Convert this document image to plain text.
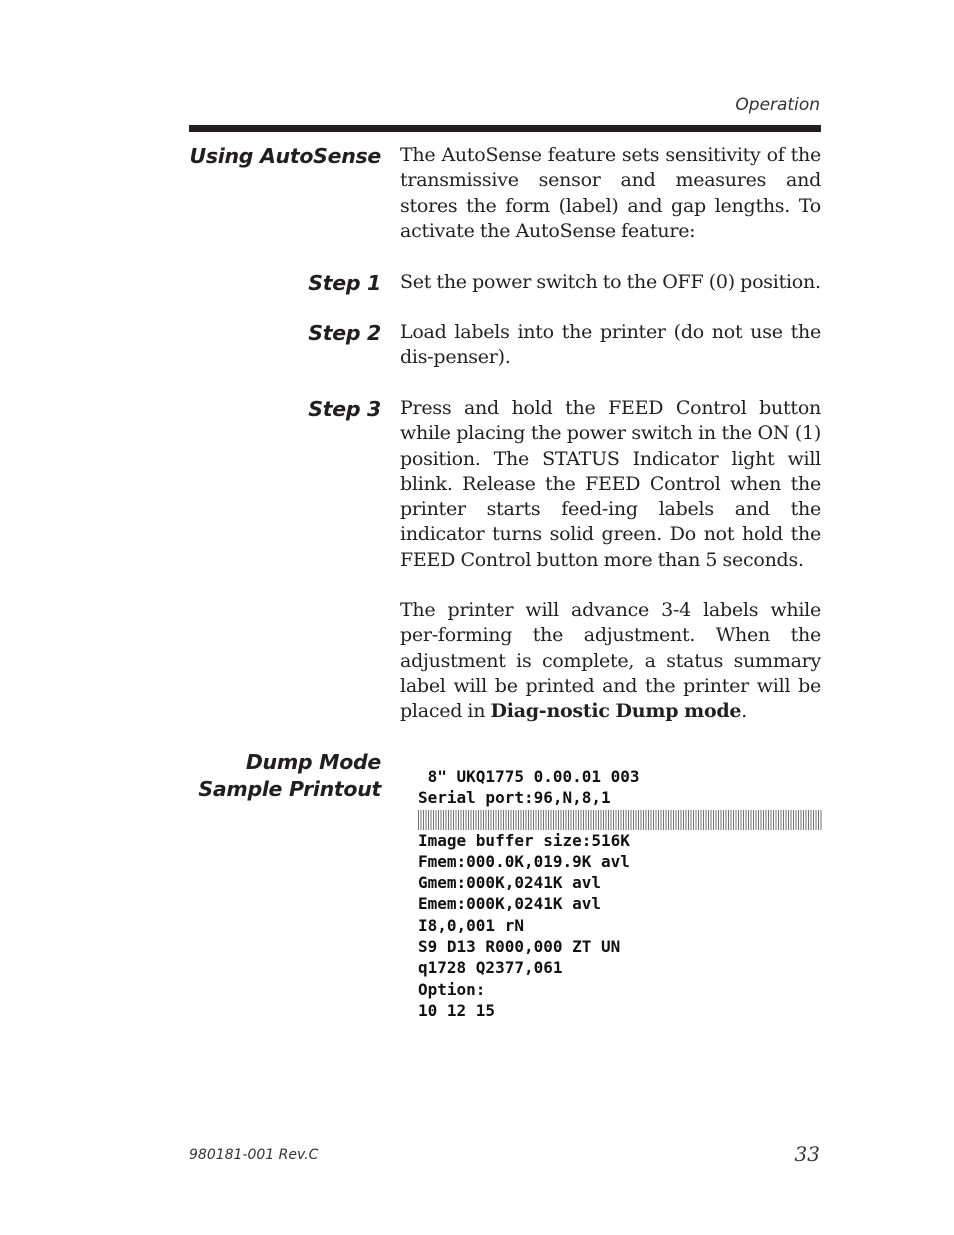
Operation
Using AutoSense The AutoSense feature sets sensitivity of the transmissive sensor and measures and stores the form (label) and gap lengths. To activate the AutoSense feature:
Step 1 Set the power switch to the OFF (0) position.
Step 2 Load labels into the printer (do not use the dis-penser).
Step 3 Press and hold the FEED Control button while placing the power switch in the ON (1) position. The STATUS Indicator light will blink. Release the FEED Control when the printer starts feed-ing labels and the indicator turns solid green. Do not hold the FEED Control button more than 5 seconds.
The printer will advance 3-4 labels while per-forming the adjustment. When the adjustment is complete, a status summary label will be printed and the printer will be placed in Diag-nostic Dump mode.
Dump Mode
Sample Printout
8" UKQ1775 0.00.01 003
Serial port:96,N,8,1
Image buffer size:516K
Fmem:000.0K,019.9K avl
Gmem:000K,0241K avl
Emem:000K,0241K avl
I8,0,001 rN
S9 D13 R000,000 ZT UN
q1728 Q2377,061
Option:
10 12 15
980181-001 Rev.C	33
